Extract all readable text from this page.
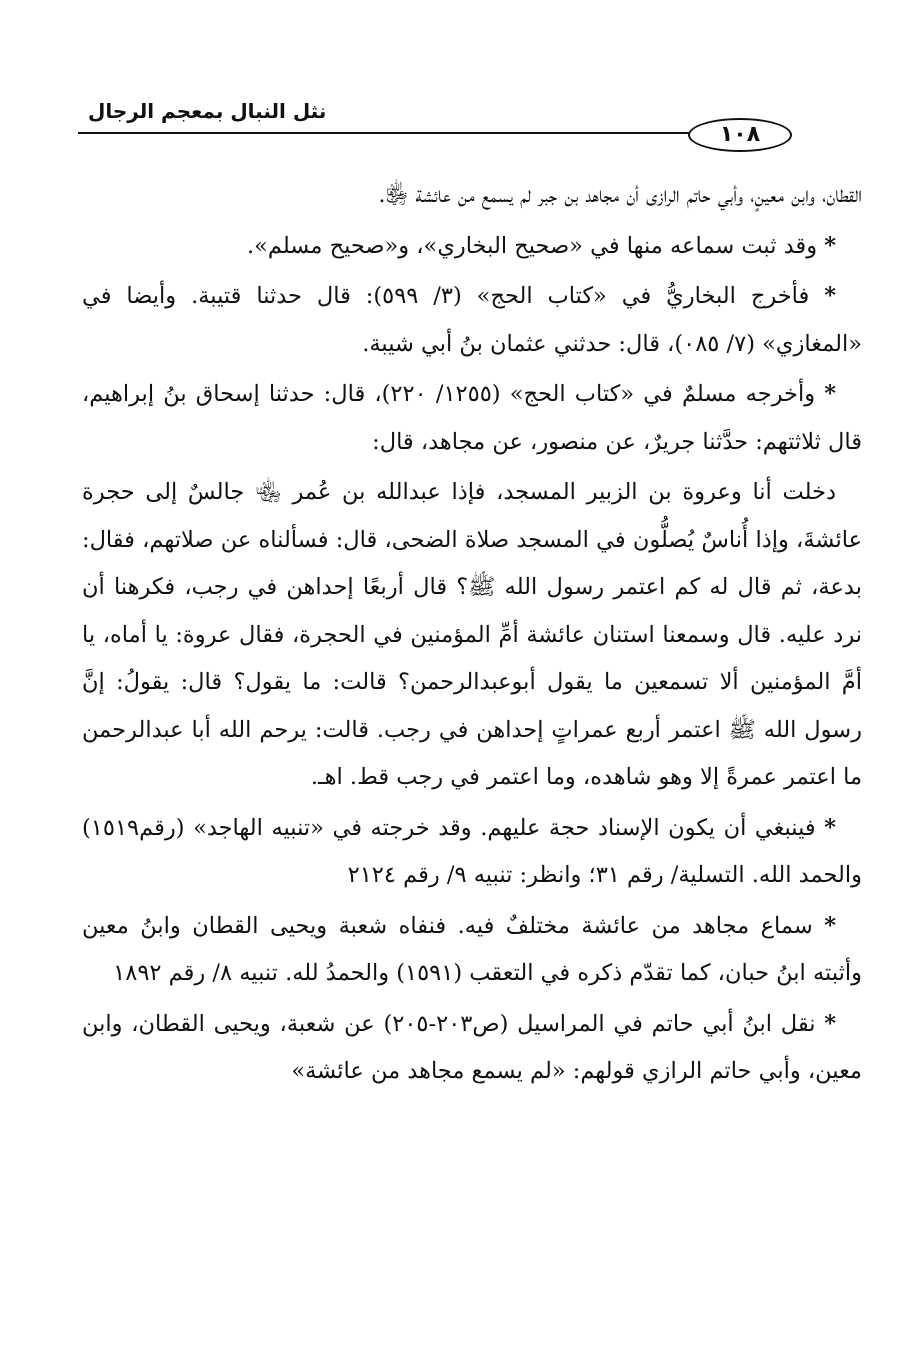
نثل النبال بمعجم الرجال
١٠٨

القطان، وابن معينٍ، وأبي حاتم الرازى أن مجاهد بن جبر لم يسمع من عائشة ﵂.

* وقد ثبت سماعه منها في «صحيح البخاري»، و«صحيح مسلم».

* فأخرج البخاريُّ في «كتاب الحج» (٣/ ٥٩٩): قال حدثنا قتيبة. وأيضا في «المغازي» (٧/ ٠٨٥)، قال: حدثني عثمان بنُ أبي شيبة.

* وأخرجه مسلمٌ في «كتاب الحج» (١٢٥٥/ ٢٢٠)، قال: حدثنا إسحاق بنُ إبراهيم، قال ثلاثتهم: حدَّثنا جريرٌ، عن منصور، عن مجاهد، قال:

دخلت أنا وعروة بن الزبير المسجد، فإذا عبدالله بن عُمر ﵄ جالسٌ إلى حجرة عائشةَ، وإذا أُناسٌ يُصلُّون في المسجد صلاة الضحى، قال: فسألناه عن صلاتهم، فقال: بدعة، ثم قال له كم اعتمر رسول الله ﷺ؟ قال أربعًا إحداهن في رجب، فكرهنا أن نرد عليه. قال وسمعنا استنان عائشة أمِّ المؤمنين في الحجرة، فقال عروة: يا أماه، يا أمَّ المؤمنين ألا تسمعين ما يقول أبوعبدالرحمن؟ قالت: ما يقول؟ قال: يقولُ: إنَّ رسول الله ﷺ اعتمر أربع عمراتٍ إحداهن في رجب. قالت: يرحم الله أبا عبدالرحمن ما اعتمر عمرةً إلا وهو شاهده، وما اعتمر في رجب قط. اهـ.

* فينبغي أن يكون الإسناد حجة عليهم. وقد خرجته في «تنبيه الهاجد» (رقم١٥١٩) والحمد الله. التسلية/ رقم ٣١؛ وانظر: تنبيه ٩/ رقم ٢١٢٤

* سماع مجاهد من عائشة مختلفٌ فيه. فنفاه شعبة ويحيى القطان وابنُ معين وأثبته ابنُ حبان، كما تقدّم ذكره في التعقب (١٥٩١) والحمدُ لله. تنبيه ٨/ رقم ١٨٩٢

* نقل ابنُ أبي حاتم في المراسيل (ص٢٠٣-٢٠٥) عن شعبة، ويحيى القطان، وابن معين، وأبي حاتم الرازي قولهم: «لم يسمع مجاهد من عائشة»
